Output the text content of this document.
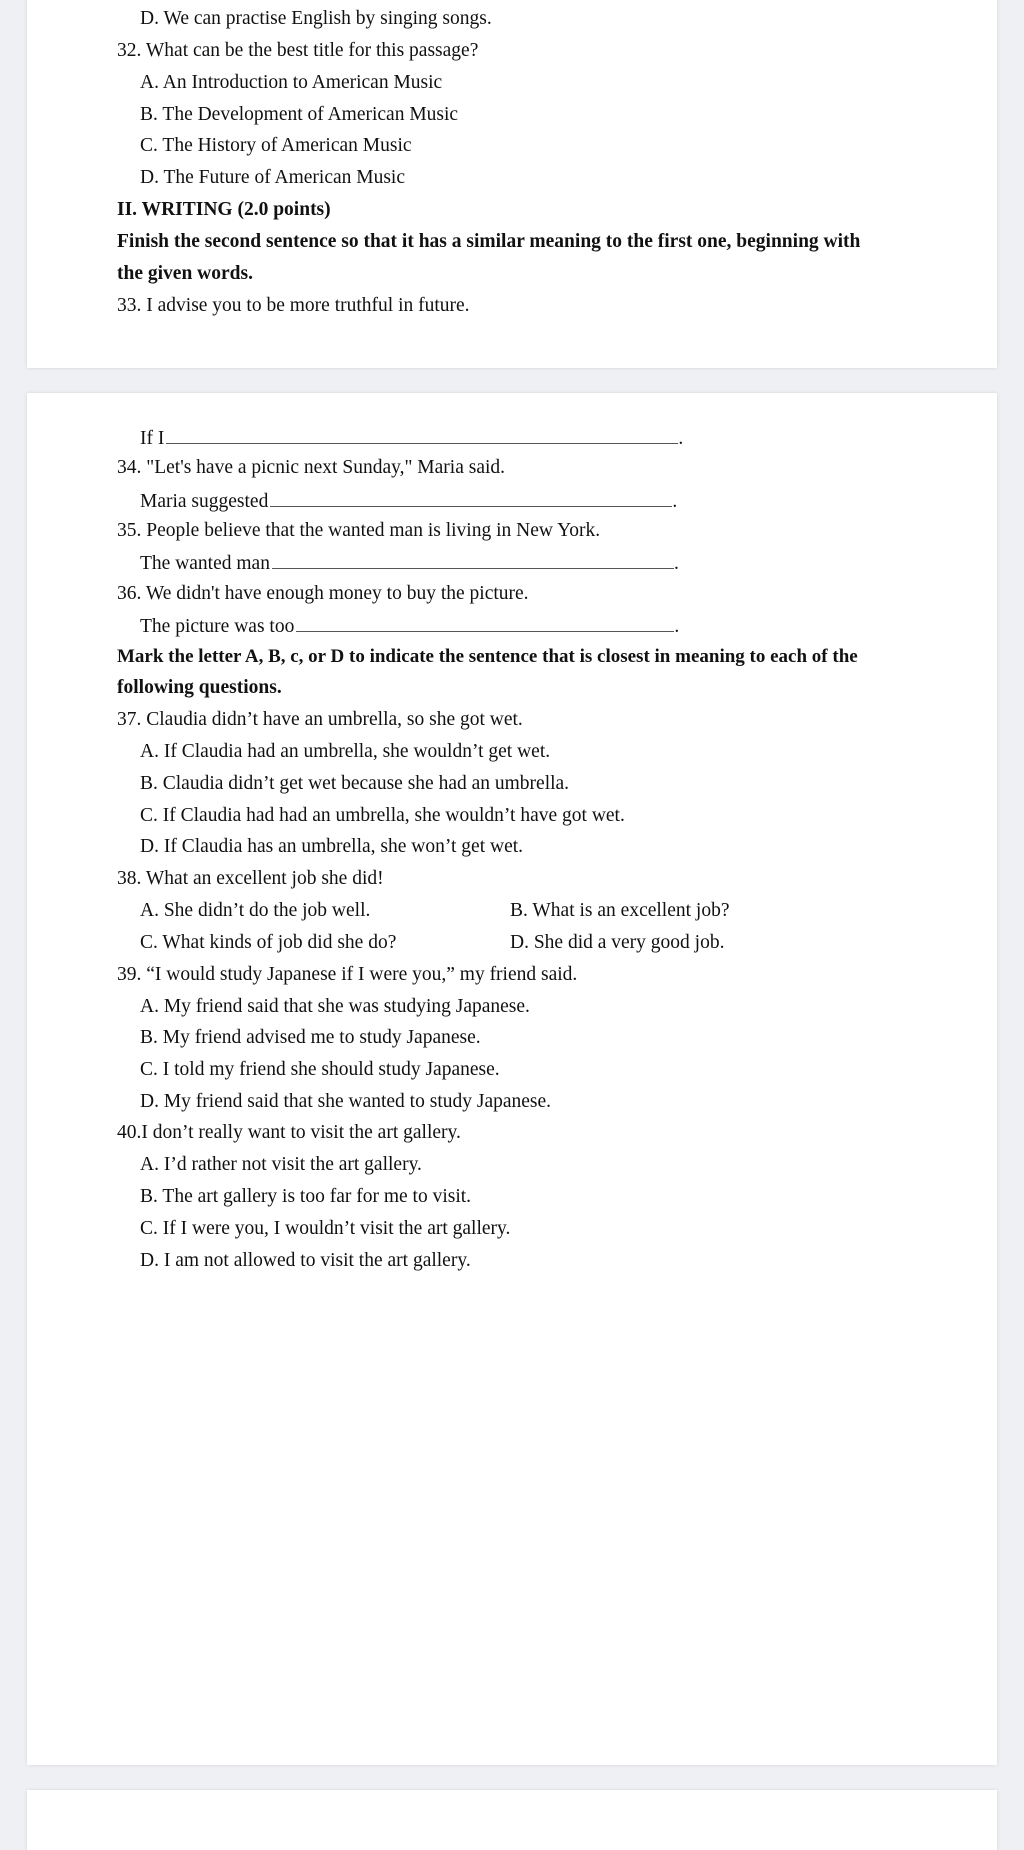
D. We can practise English by singing songs.
32. What can be the best title for this passage?
A. An Introduction to American Music
B. The Development of American Music
C. The History of American Music
D. The Future of American Music
II. WRITING (2.0 points)
Finish the second sentence so that it has a similar meaning to the first one, beginning with
the given words.
33. I advise you to be more truthful in future.
If I	.
34. "Let's have a picnic next Sunday," Maria said.
Maria suggested	.
35. People believe that the wanted man is living in New York.
The wanted man	.
36. We didn't have enough money to buy the picture.
The picture was too	.
Mark the letter A, B, c, or D to indicate the sentence that is closest in meaning to each of the
following questions.
37. Claudia didn’t have an umbrella, so she got wet.
A. If Claudia had an umbrella, she wouldn’t get wet.
B. Claudia didn’t get wet because she had an umbrella.
C. If Claudia had had an umbrella, she wouldn’t have got wet.
D. If Claudia has an umbrella, she won’t get wet.
38. What an excellent job she did!
A. She didn’t do the job well.	B. What is an excellent job?
C. What kinds of job did she do?	D. She did a very good job.
39. “I would study Japanese if I were you,” my friend said.
A. My friend said that she was studying Japanese.
B. My friend advised me to study Japanese.
C. I told my friend she should study Japanese.
D. My friend said that she wanted to study Japanese.
40.I don’t really want to visit the art gallery.
A. I’d rather not visit the art gallery.
B. The art gallery is too far for me to visit.
C. If I were you, I wouldn’t visit the art gallery.
D. I am not allowed to visit the art gallery.
